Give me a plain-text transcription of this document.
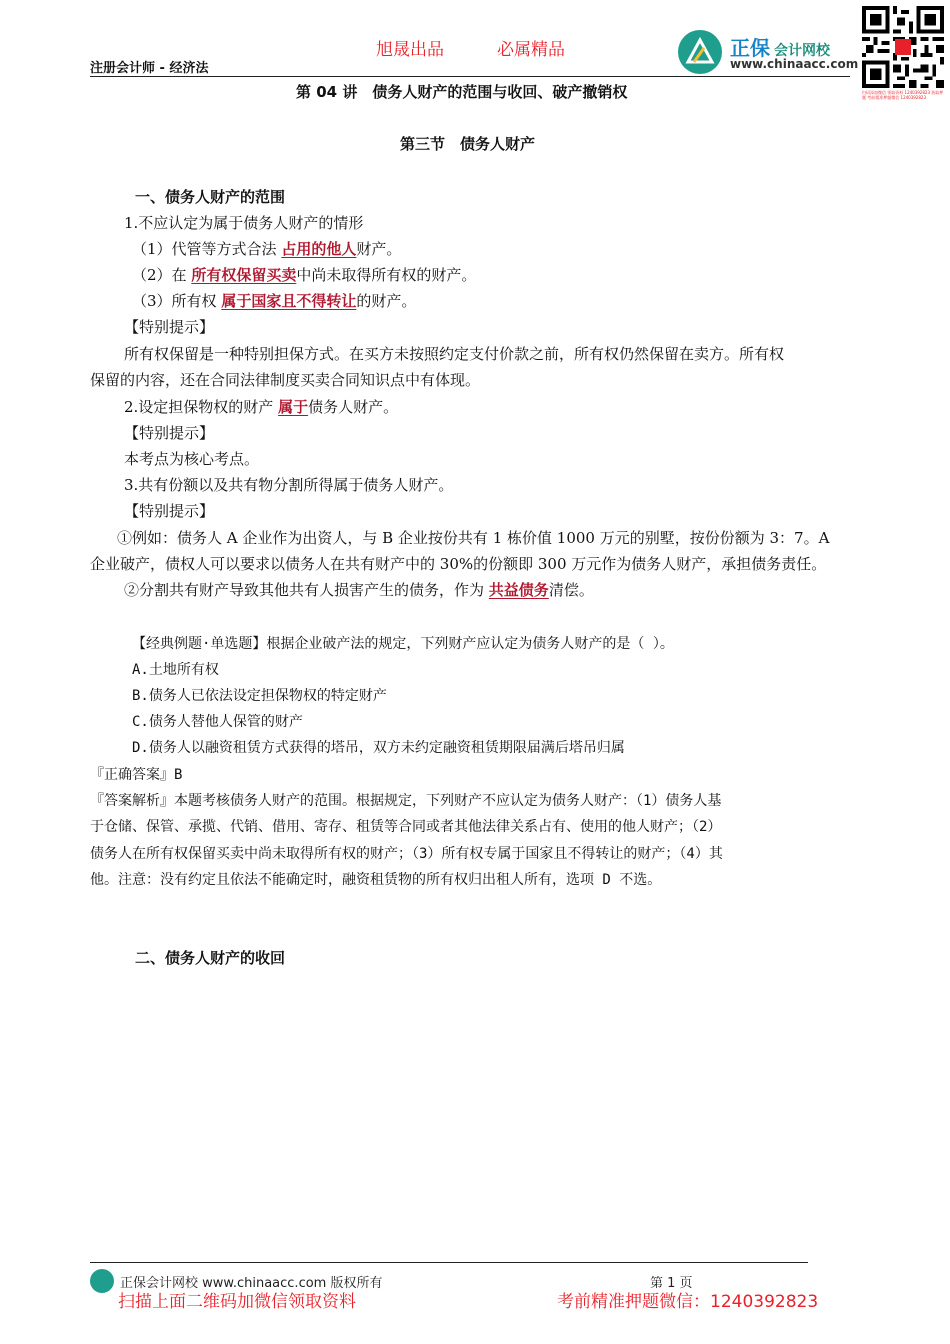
旭晟出品	必属精品
注册会计师 - 经济法
正保 会计网校
www.chinaacc.com
扫码添加微信 领取资料 1240392823 获取押题 考前精准押题微信 1240392823
第 04 讲　债务人财产的范围与收回、破产撤销权
第三节　债务人财产
一、债务人财产的范围
1.不应认定为属于债务人财产的情形
（1）代管等方式合法 占用的他人财产。
（2）在 所有权保留买卖中尚未取得所有权的财产。
（3）所有权 属于国家且不得转让的财产。
【特别提示】
所有权保留是一种特别担保方式。在买方未按照约定支付价款之前，所有权仍然保留在卖方。所有权
保留的内容，还在合同法律制度买卖合同知识点中有体现。
2.设定担保物权的财产 属于债务人财产。
【特别提示】
本考点为核心考点。
3.共有份额以及共有物分割所得属于债务人财产。
【特别提示】
①例如：债务人 A 企业作为出资人，与 B 企业按份共有 1 栋价值 1000 万元的别墅，按份份额为 3：7。A
企业破产，债权人可以要求以债务人在共有财产中的 30%的份额即 300 万元作为债务人财产，承担债务责任。
②分割共有财产导致其他共有人损害产生的债务，作为 共益债务清偿。
【经典例题·单选题】根据企业破产法的规定，下列财产应认定为债务人财产的是（ ）。
A.土地所有权
B.债务人已依法设定担保物权的特定财产
C.债务人替他人保管的财产
D.债务人以融资租赁方式获得的塔吊，双方未约定融资租赁期限届满后塔吊归属
『正确答案』B
『答案解析』本题考核债务人财产的范围。根据规定，下列财产不应认定为债务人财产：（1）债务人基
于仓储、保管、承揽、代销、借用、寄存、租赁等合同或者其他法律关系占有、使用的他人财产；（2）
债务人在所有权保留买卖中尚未取得所有权的财产；（3）所有权专属于国家且不得转让的财产；（4）其
他。注意：没有约定且依法不能确定时，融资租赁物的所有权归出租人所有，选项 D 不选。
二、债务人财产的收回
正保会计网校 www.chinaacc.com 版权所有	第 1 页
扫描上面二维码加微信领取资料	考前精准押题微信：1240392823
